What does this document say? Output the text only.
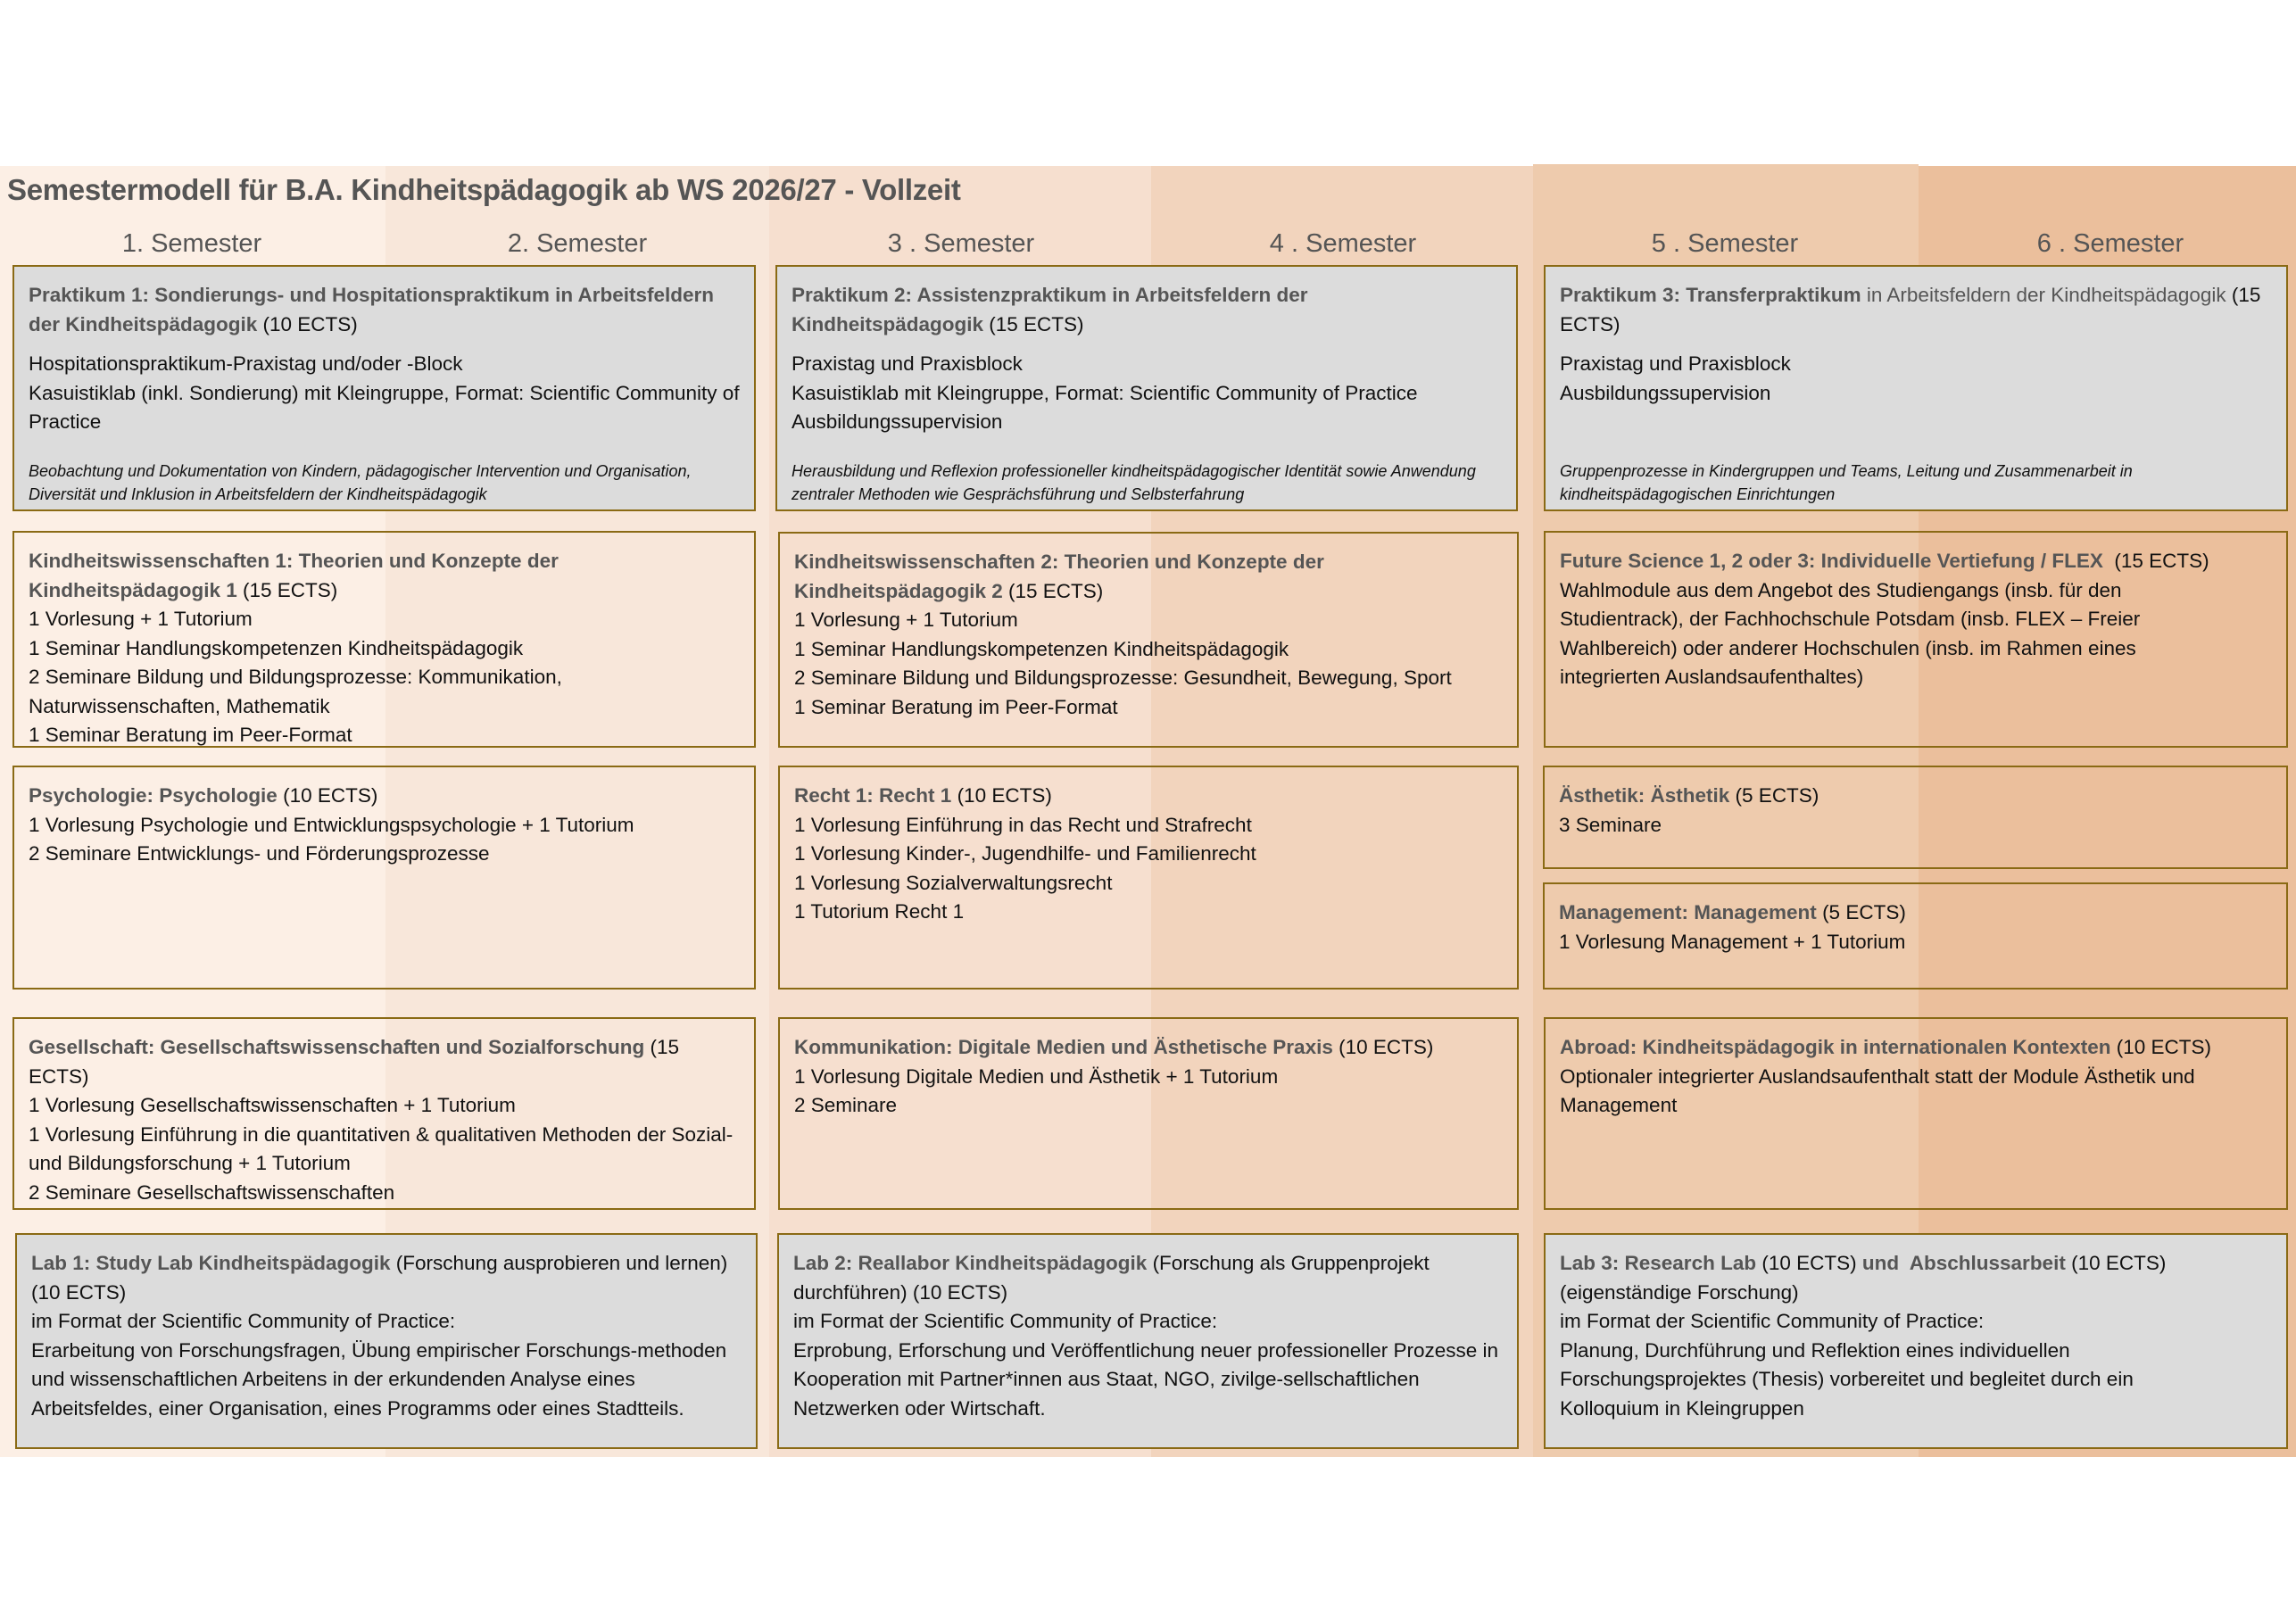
Semestermodell für B.A. Kindheitspädagogik ab WS 2026/27 - Vollzeit
1. Semester	2. Semester	3 . Semester	4 . Semester	5 . Semester	6 . Semester
Praktikum 1: Sondierungs- und Hospitationspraktikum in Arbeitsfeldern der Kindheitspädagogik (10 ECTS)
Hospitationspraktikum-Praxistag und/oder -Block
Kasuistiklab (inkl. Sondierung) mit Kleingruppe, Format: Scientific Community of Practice
Beobachtung und Dokumentation von Kindern, pädagogischer Intervention und Organisation, Diversität und Inklusion in Arbeitsfeldern der Kindheitspädagogik
Praktikum 2: Assistenzpraktikum in Arbeitsfeldern der Kindheitspädagogik (15 ECTS)
Praxistag und Praxisblock
Kasuistiklab mit Kleingruppe, Format: Scientific Community of Practice
Ausbildungssupervision
Herausbildung und Reflexion professioneller kindheitspädagogischer Identität sowie Anwendung zentraler Methoden wie Gesprächsführung und Selbsterfahrung
Praktikum 3: Transferpraktikum in Arbeitsfeldern der Kindheitspädagogik (15 ECTS)
Praxistag und Praxisblock
Ausbildungssupervision
Gruppenprozesse in Kindergruppen und Teams, Leitung und Zusammenarbeit in kindheitspädagogischen Einrichtungen
Kindheitswissenschaften 1: Theorien und Konzepte der Kindheitspädagogik 1 (15 ECTS)
1 Vorlesung + 1 Tutorium
1 Seminar Handlungskompetenzen Kindheitspädagogik
2 Seminare Bildung und Bildungsprozesse: Kommunikation, Naturwissenschaften, Mathematik
1 Seminar Beratung im Peer-Format
Kindheitswissenschaften 2: Theorien und Konzepte der Kindheitspädagogik 2 (15 ECTS)
1 Vorlesung + 1 Tutorium
1 Seminar Handlungskompetenzen Kindheitspädagogik
2 Seminare Bildung und Bildungsprozesse: Gesundheit, Bewegung, Sport
1 Seminar Beratung im Peer-Format
Future Science 1, 2 oder 3: Individuelle Vertiefung / FLEX  (15 ECTS)
Wahlmodule aus dem Angebot des Studiengangs (insb. für den Studientrack), der Fachhochschule Potsdam (insb. FLEX – Freier Wahlbereich) oder anderer Hochschulen (insb. im Rahmen eines integrierten Auslandsaufenthaltes)
Psychologie: Psychologie (10 ECTS)
1 Vorlesung Psychologie und Entwicklungspsychologie + 1 Tutorium
2 Seminare Entwicklungs- und Förderungsprozesse
Recht 1: Recht 1 (10 ECTS)
1 Vorlesung Einführung in das Recht und Strafrecht
1 Vorlesung Kinder-, Jugendhilfe- und Familienrecht
1 Vorlesung Sozialverwaltungsrecht
1 Tutorium Recht 1
Ästhetik: Ästhetik (5 ECTS)
3 Seminare
Management: Management (5 ECTS)
1 Vorlesung Management + 1 Tutorium
Gesellschaft: Gesellschaftswissenschaften und Sozialforschung (15 ECTS)
1 Vorlesung Gesellschaftswissenschaften + 1 Tutorium
1 Vorlesung Einführung in die quantitativen & qualitativen Methoden der Sozial- und Bildungsforschung + 1 Tutorium
2 Seminare Gesellschaftswissenschaften
Kommunikation: Digitale Medien und Ästhetische Praxis (10 ECTS)
1 Vorlesung Digitale Medien und Ästhetik + 1 Tutorium
2 Seminare
Abroad: Kindheitspädagogik in internationalen Kontexten (10 ECTS)
Optionaler integrierter Auslandsaufenthalt statt der Module Ästhetik und Management
Lab 1: Study Lab Kindheitspädagogik (Forschung ausprobieren und lernen) (10 ECTS)
im Format der Scientific Community of Practice:
Erarbeitung von Forschungsfragen, Übung empirischer Forschungs-methoden und wissenschaftlichen Arbeitens in der erkundenden Analyse eines Arbeitsfeldes, einer Organisation, eines Programms oder eines Stadtteils.
Lab 2: Reallabor Kindheitspädagogik (Forschung als Gruppenprojekt durchführen) (10 ECTS)
im Format der Scientific Community of Practice:
Erprobung, Erforschung und Veröffentlichung neuer professioneller Prozesse in Kooperation mit Partner*innen aus Staat, NGO, zivilge-sellschaftlichen Netzwerken oder Wirtschaft.
Lab 3: Research Lab (10 ECTS) und  Abschlussarbeit (10 ECTS)
(eigenständige Forschung)
im Format der Scientific Community of Practice:
Planung, Durchführung und Reflektion eines individuellen Forschungsprojektes (Thesis) vorbereitet und begleitet durch ein Kolloquium in Kleingruppen
